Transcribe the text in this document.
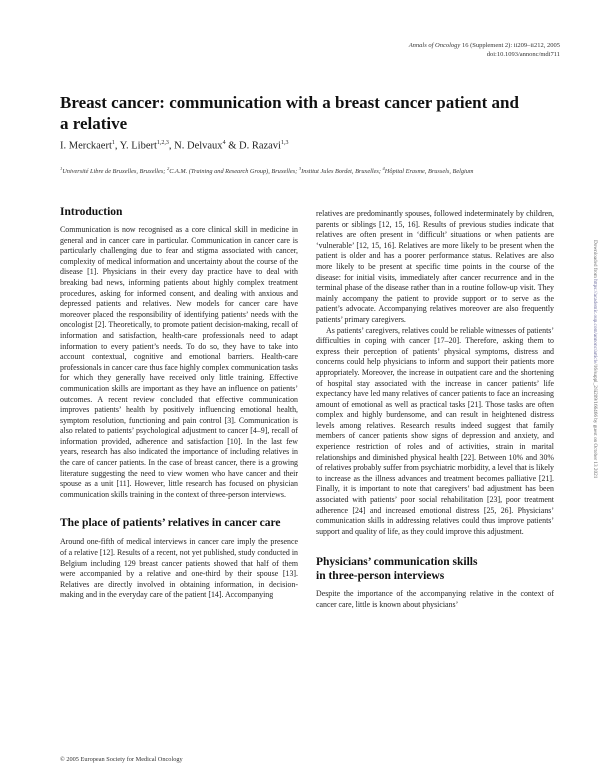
Annals of Oncology 16 (Supplement 2): ii209–ii212, 2005
doi:10.1093/annonc/mdi711
Breast cancer: communication with a breast cancer patient and a relative
I. Merckaert$^1$, Y. Libert$^{1,2,3}$, N. Delvaux$^4$ & D. Razavi$^{1,3}$
$^1$Université Libre de Bruxelles, Bruxelles; $^2$C.A.M. (Training and Research Group), Bruxelles; $^3$Institut Jules Bordet, Bruxelles; $^4$Hôpital Erasme, Brussels, Belgium
Introduction

Communication is now recognised as a core clinical skill in medicine in general and in cancer care in particular. Communication in cancer care is particularly challenging due to fear and stigma associated with cancer, complexity of medical information and uncertainty about the course of the disease [1]. Physicians in their every day practice have to deal with breaking bad news, informing patients about highly complex treatment procedures, asking for informed consent, and dealing with anxious and depressed patients and relatives. New models for cancer care have moreover placed the responsibility of identifying patients’ needs with the oncologist [2]. Theoretically, to promote patient decision-making, recall of information and satisfaction, health-care professionals need to adapt information to every patient’s needs. To do so, they have to take into account contextual, cognitive and emotional barriers. Health-care professionals in cancer care thus face highly complex communication tasks for which they generally have received only little training. Effective communication skills are important as they have an influence on patients’ outcomes. A recent review concluded that effective communication improves patients’ health by positively influencing emotional health, symptom resolution, functioning and pain control [3]. Communication is also related to patients’ psychological adjustment to cancer [4–9], recall of information provided, adherence and satisfaction [10]. In the last few years, research has also indicated the importance of including relatives in the care of cancer patients. In the case of breast cancer, there is a growing literature suggesting the need to view women who have cancer and their spouse as a unit [11]. However, little research has focused on physician communication skills training in the context of three-person interviews.

The place of patients’ relatives in cancer care

Around one-fifth of medical interviews in cancer care imply the presence of a relative [12]. Results of a recent, not yet published, study conducted in Belgium including 129 breast cancer patients showed that half of them were accompanied by a relative and one-third by their spouse [13]. Relatives are directly involved in obtaining information, in decision-making and in the everyday care of the patient [14]. Accompanying

relatives are predominantly spouses, followed indeterminately by children, parents or siblings [12, 15, 16]. Results of previous studies indicate that relatives are often present in ‘difficult’ situations or when patients are ‘vulnerable’ [12, 15, 16]. Relatives are more likely to be present when the patient is older and has a poorer performance status. Relatives are also more likely to be present at specific time points in the course of the disease: for initial visits, immediately after cancer recurrence and in the terminal phase of the disease rather than in a routine follow-up visit. They mainly accompany the patient to provide support or to serve as the patient’s advocate. Accompanying relatives moreover are also frequently patients’ primary caregivers.

As patients’ caregivers, relatives could be reliable witnesses of patients’ difficulties in coping with cancer [17–20]. Therefore, asking them to express their perception of patients’ physical symptoms, distress and concerns could help physicians to inform and support their patients more appropriately. Moreover, the increase in outpatient care and the shortening of hospital stay associated with the increase in cancer patients’ life expectancy have led many relatives of cancer patients to face an increasing amount of emotional as well as practical tasks [21]. Those tasks are often complex and highly burdensome, and can result in heightened distress levels among relatives. Research results indeed suggest that family members of cancer patients show signs of depression and anxiety, and experience restriction of roles and of activities, strain in marital relationships and diminished physical health [22]. Between 10% and 30% of relatives probably suffer from psychiatric morbidity, a level that is likely to increase as the illness advances and treatment becomes palliative [21]. Finally, it is important to note that caregivers’ bad adjustment has been associated with patients’ poor social rehabilitation [23], poor treatment adherence [24] and increased emotional distress [25, 26]. Physicians’ communication skills in addressing relatives could thus improve patients’ support and quality of life, as they could improve this adjustment.

Physicians’ communication skills
in three-person interviews

Despite the importance of the accompanying relative in the context of cancer care, little is known about physicians’

© 2005 European Society for Medical Oncology
Downloaded from https://academic.oup.com/annonc/article/16/suppl_2/ii209/166466 by guest on October 13 2021
